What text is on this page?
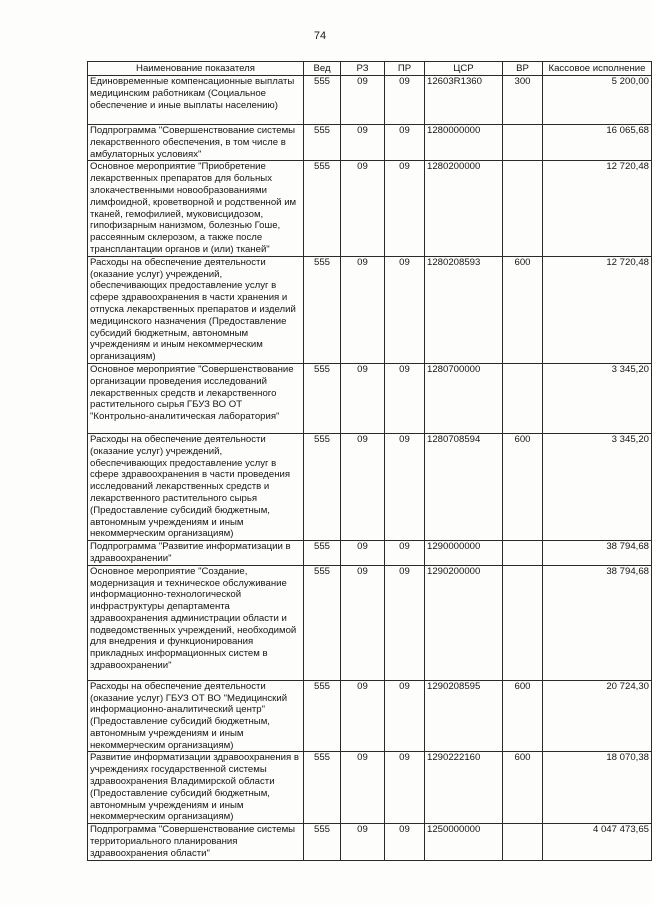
74
Наименование показателя	Вед	РЗ	ПР	ЦСР	ВР	Кассовое исполнение
Единовременные компенсационные выплаты медицинским работникам (Социальное обеспечение и иные выплаты населению)	555	09	09	12603R1360	300	5 200,00
Подпрограмма "Совершенствование системы лекарственного обеспечения, в том числе в амбулаторных условиях"	555	09	09	1280000000		16 065,68
Основное мероприятие "Приобретение лекарственных препаратов для больных злокачественными новообразованиями лимфоидной, кроветворной и родственной им тканей, гемофилией, муковисцидозом, гипофизарным нанизмом, болезнью Гоше, рассеянным склерозом, а также после трансплантации органов и (или) тканей"	555	09	09	1280200000		12 720,48
Расходы на обеспечение деятельности (оказание услуг) учреждений, обеспечивающих предоставление услуг в сфере здравоохранения в части хранения и отпуска лекарственных препаратов и изделий медицинского назначения (Предоставление субсидий бюджетным, автономным учреждениям и иным некоммерческим организациям)	555	09	09	1280208593	600	12 720,48
Основное мероприятие "Совершенствование организации проведения исследований лекарственных средств и лекарственного растительного сырья ГБУЗ ВО ОТ "Контрольно-аналитическая лаборатория"	555	09	09	1280700000		3 345,20
Расходы на обеспечение деятельности (оказание услуг) учреждений, обеспечивающих предоставление услуг в сфере здравоохранения в части проведения исследований лекарственных средств и лекарственного растительного сырья (Предоставление субсидий бюджетным, автономным учреждениям и иным некоммерческим организациям)	555	09	09	1280708594	600	3 345,20
Подпрограмма "Развитие информатизации в здравоохранении"	555	09	09	1290000000		38 794,68
Основное мероприятие "Создание, модернизация и техническое обслуживание информационно-технологической инфраструктуры департамента здравоохранения администрации области и подведомственных учреждений, необходимой для внедрения и функционирования прикладных информационных систем в здравоохранении"	555	09	09	1290200000		38 794,68
Расходы на обеспечение деятельности (оказание услуг) ГБУЗ ОТ ВО "Медицинский информационно-аналитический центр" (Предоставление субсидий бюджетным, автономным учреждениям и иным некоммерческим организациям)	555	09	09	1290208595	600	20 724,30
Развитие информатизации здравоохранения в учреждениях государственной системы здравоохранения Владимирской области (Предоставление субсидий бюджетным, автономным учреждениям и иным некоммерческим организациям)	555	09	09	1290222160	600	18 070,38
Подпрограмма "Совершенствование системы территориального планирования здравоохранения области"	555	09	09	1250000000		4 047 473,65
